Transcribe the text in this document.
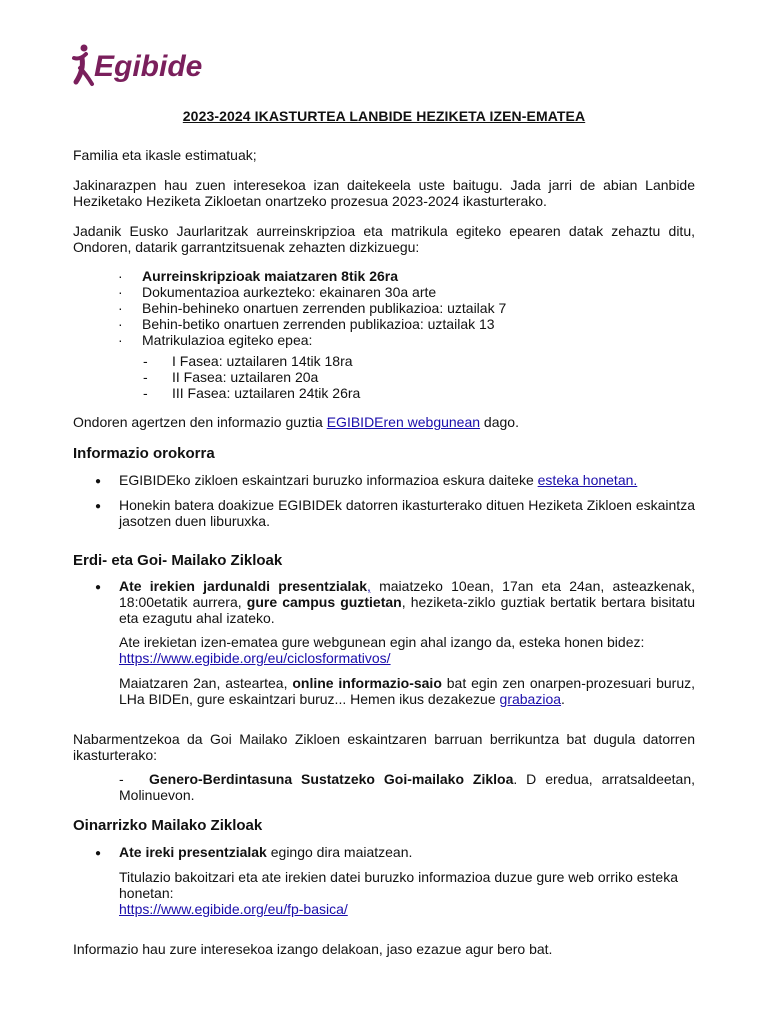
Egibide
2023-2024 IKASTURTEA LANBIDE HEZIKETA IZEN-EMATEA

Familia eta ikasle estimatuak;

Jakinarazpen hau zuen interesekoa izan daitekeela uste baitugu. Jada jarri de abian Lanbide Heziketako Heziketa Zikloetan onartzeko prozesua 2023-2024 ikasturterako.

Jadanik Eusko Jaurlaritzak aurreinskripzioa eta matrikula egiteko epearen datak zehaztu ditu, Ondoren, datarik garrantzitsuenak zehazten dizkizuegu:

· Aurreinskripzioak maiatzaren 8tik 26ra
· Dokumentazioa aurkezteko: ekainaren 30a arte
· Behin-behineko onartuen zerrenden publikazioa: uztailak 7
· Behin-betiko onartuen zerrenden publikazioa: uztailak 13
· Matrikulazioa egiteko epea:
- I Fasea: uztailaren 14tik 18ra
- II Fasea: uztailaren 20a
- III Fasea: uztailaren 24tik 26ra

Ondoren agertzen den informazio guztia EGIBIDEren webgunean dago.

Informazio orokorra
● EGIBIDEko zikloen eskaintzari buruzko informazioa eskura daiteke esteka honetan.

● Honekin batera doakizue EGIBIDEk datorren ikasturterako dituen Heziketa Zikloen eskaintza

jasotzen duen liburuxka.

Erdi- eta Goi- Mailako Zikloak
● Ate irekien jardunaldi presentzialak, maiatzeko 10ean, 17an eta 24an, asteazkenak,

18:00etatik aurrera, gure campus guztietan, heziketa-ziklo guztiak bertatik bertara bisitatu

eta ezagutu ahal izateko.

Ate irekietan izen-ematea gure webgunean egin ahal izango da, esteka honen bidez:

https://www.egibide.org/eu/ciclosformativos/

Maiatzaren 2an, asteartea, online informazio-saio bat egin zen onarpen-prozesuari buruz,

LHa BIDEn, gure eskaintzari buruz... Hemen ikus dezakezue grabazioa.

Nabarmentzekoa da Goi Mailako Zikloen eskaintzaren barruan berrikuntza bat dugula datorren

ikasturterako:

- Genero-Berdintasuna Sustatzeko Goi-mailako Zikloa. D eredua, arratsaldeetan,

Molinuevon.

Oinarrizko Mailako Zikloak
● Ate ireki presentzialak egingo dira maiatzean.

Titulazio bakoitzari eta ate irekien datei buruzko informazioa duzue gure web orriko esteka

honetan:

https://www.egibide.org/eu/fp-basica/

Informazio hau zure interesekoa izango delakoan, jaso ezazue agur bero bat.
